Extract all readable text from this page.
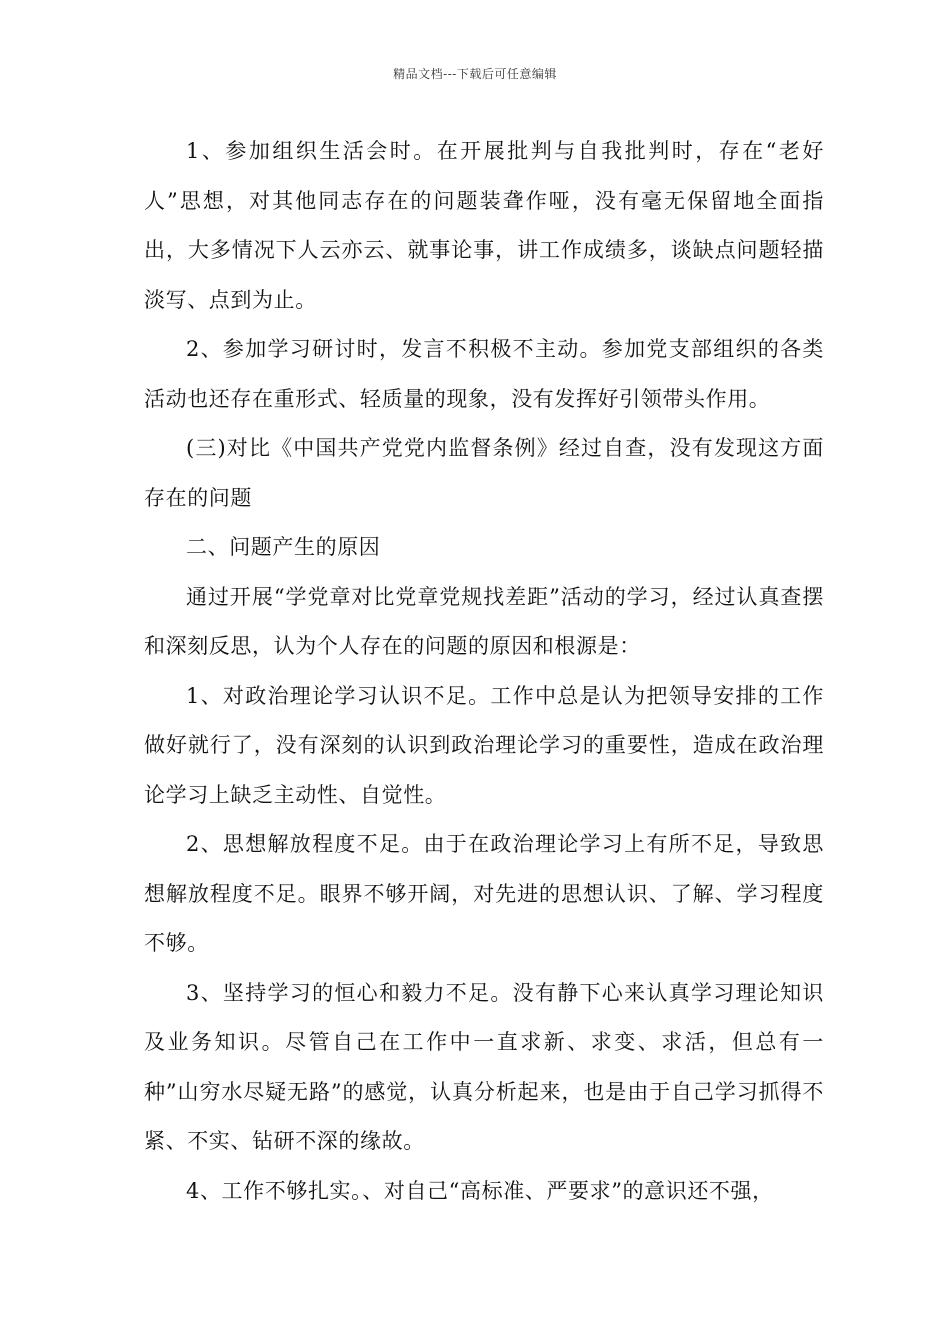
精品文档---下载后可任意编辑

1、参加组织生活会时。在开展批判与自我批判时，存在“老好人”思想，对其他同志存在的问题装聋作哑，没有毫无保留地全面指出，大多情况下人云亦云、就事论事，讲工作成绩多，谈缺点问题轻描淡写、点到为止。

2、参加学习研讨时，发言不积极不主动。参加党支部组织的各类活动也还存在重形式、轻质量的现象，没有发挥好引领带头作用。

(三)对比《中国共产党党内监督条例》经过自查，没有发现这方面存在的问题

二、问题产生的原因

通过开展“学党章对比党章党规找差距”活动的学习，经过认真查摆和深刻反思，认为个人存在的问题的原因和根源是：

1、对政治理论学习认识不足。工作中总是认为把领导安排的工作做好就行了，没有深刻的认识到政治理论学习的重要性，造成在政治理论学习上缺乏主动性、自觉性。

2、思想解放程度不足。由于在政治理论学习上有所不足，导致思想解放程度不足。眼界不够开阔，对先进的思想认识、了解、学习程度不够。

3、坚持学习的恒心和毅力不足。没有静下心来认真学习理论知识及业务知识。尽管自己在工作中一直求新、求变、求活，但总有一种”山穷水尽疑无路”的感觉，认真分析起来，也是由于自己学习抓得不紧、不实、钻研不深的缘故。

4、工作不够扎实。、对自己“高标准、严要求”的意识还不强，
